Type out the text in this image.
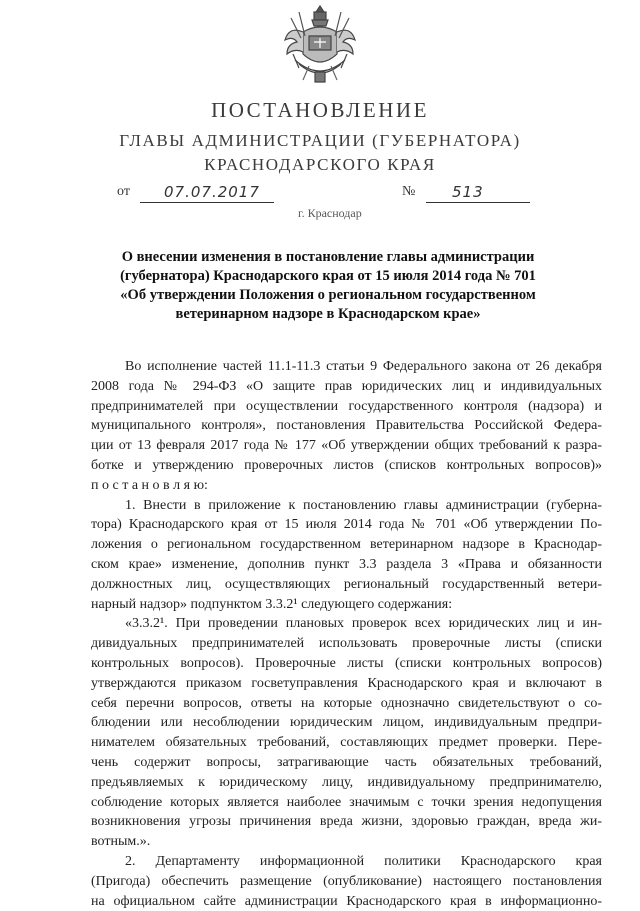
ПОСТАНОВЛЕНИЕ
ГЛАВЫ АДМИНИСТРАЦИИ (ГУБЕРНАТОРА)
КРАСНОДАРСКОГО КРАЯ
от 07.07.2017	№ 513
г. Краснодар
О внесении изменения в постановление главы администрации
(губернатора) Краснодарского края от 15 июля 2014 года № 701
«Об утверждении Положения о региональном государственном
ветеринарном надзоре в Краснодарском крае»
Во исполнение частей 11.1-11.3 статьи 9 Федерального закона от 26 декабря
2008 года № 294-ФЗ «О защите прав юридических лиц и индивидуальных
предпринимателей при осуществлении государственного контроля (надзора) и
муниципального контроля», постановления Правительства Российской Федера-
ции от 13 февраля 2017 года № 177 «Об утверждении общих требований к разра-
ботке и утверждению проверочных листов (списков контрольных вопросов)»
п о с т а н о в л я ю:
1. Внести в приложение к постановлению главы администрации (губерна-
тора) Краснодарского края от 15 июля 2014 года № 701 «Об утверждении По-
ложения о региональном государственном ветеринарном надзоре в Краснодар-
ском крае» изменение, дополнив пункт 3.3 раздела 3 «Права и обязанности
должностных лиц, осуществляющих региональный государственный ветери-
нарный надзор» подпунктом 3.3.2¹ следующего содержания:
«3.3.2¹. При проведении плановых проверок всех юридических лиц и ин-
дивидуальных предпринимателей использовать проверочные листы (списки
контрольных вопросов). Проверочные листы (списки контрольных вопросов)
утверждаются приказом госветуправления Краснодарского края и включают в
себя перечни вопросов, ответы на которые однозначно свидетельствуют о со-
блюдении или несоблюдении юридическим лицом, индивидуальным предпри-
нимателем обязательных требований, составляющих предмет проверки. Пере-
чень содержит вопросы, затрагивающие часть обязательных требований,
предъявляемых к юридическому лицу, индивидуальному предпринимателю,
соблюдение которых является наиболее значимым с точки зрения недопущения
возникновения угрозы причинения вреда жизни, здоровью граждан, вреда жи-
вотным.».
2. Департаменту информационной политики Краснодарского края
(Пригода) обеспечить размещение (опубликование) настоящего постановления
на официальном сайте администрации Краснодарского края в информационно-
